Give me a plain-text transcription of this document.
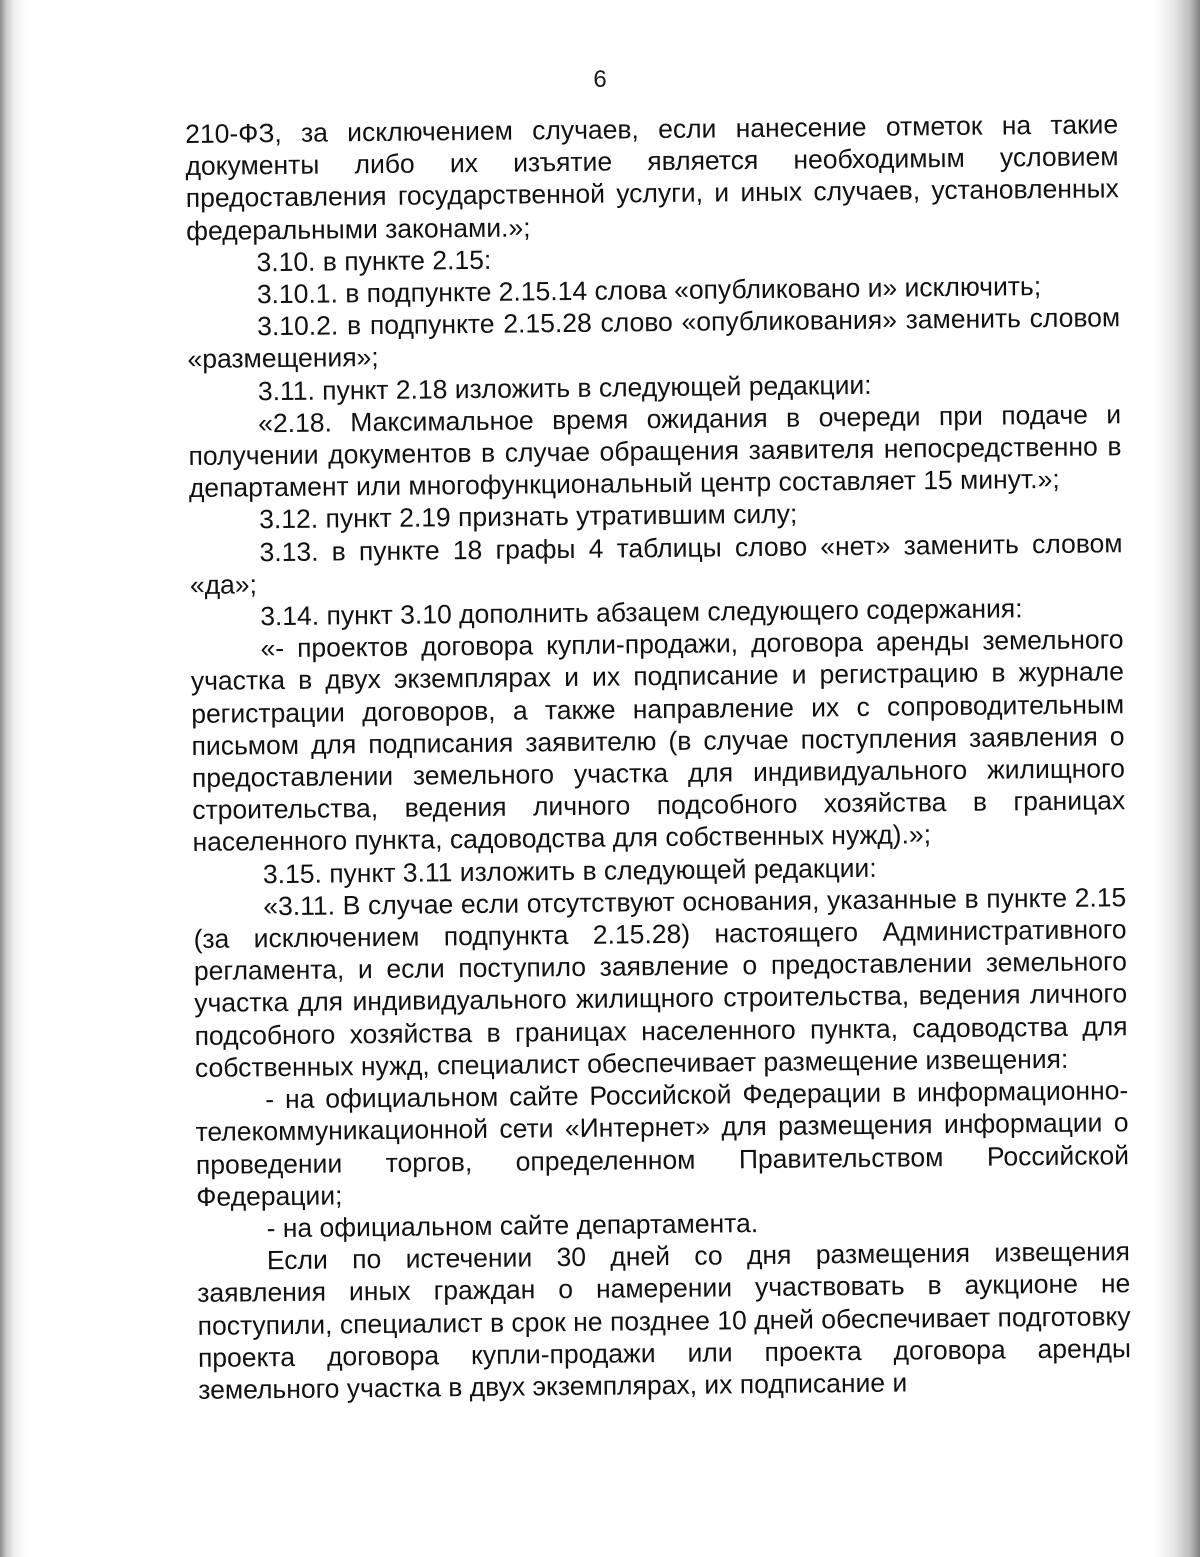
6

210-ФЗ, за исключением случаев, если нанесение отметок на такие документы либо их изъятие является необходимым условием предоставления государственной услуги, и иных случаев, установленных федеральными законами.»;

3.10. в пункте 2.15:

3.10.1. в подпункте 2.15.14 слова «опубликовано и» исключить;

3.10.2. в подпункте 2.15.28 слово «опубликования» заменить словом «размещения»;

3.11. пункт 2.18 изложить в следующей редакции:

«2.18. Максимальное время ожидания в очереди при подаче и получении документов в случае обращения заявителя непосредственно в департамент или многофункциональный центр составляет 15 минут.»;

3.12. пункт 2.19 признать утратившим силу;

3.13. в пункте 18 графы 4 таблицы слово «нет» заменить словом «да»;

3.14. пункт 3.10 дополнить абзацем следующего содержания:

«- проектов договора купли-продажи, договора аренды земельного участка в двух экземплярах и их подписание и регистрацию в журнале регистрации договоров, а также направление их с сопроводительным письмом для подписания заявителю (в случае поступления заявления о предоставлении земельного участка для индивидуального жилищного строительства, ведения личного подсобного хозяйства в границах населенного пункта, садоводства для собственных нужд).»;

3.15. пункт 3.11 изложить в следующей редакции:

«3.11. В случае если отсутствуют основания, указанные в пункте 2.15 (за исключением подпункта 2.15.28) настоящего Административного регламента, и если поступило заявление о предоставлении земельного участка для индивидуального жилищного строительства, ведения личного подсобного хозяйства в границах населенного пункта, садоводства для собственных нужд, специалист обеспечивает размещение извещения:

- на официальном сайте Российской Федерации в информационно-телекоммуникационной сети «Интернет» для размещения информации о проведении торгов, определенном Правительством Российской Федерации;

- на официальном сайте департамента.

Если по истечении 30 дней со дня размещения извещения заявления иных граждан о намерении участвовать в аукционе не поступили, специалист в срок не позднее 10 дней обеспечивает подготовку проекта договора купли-продажи или проекта договора аренды земельного участка в двух экземплярах, их подписание и
